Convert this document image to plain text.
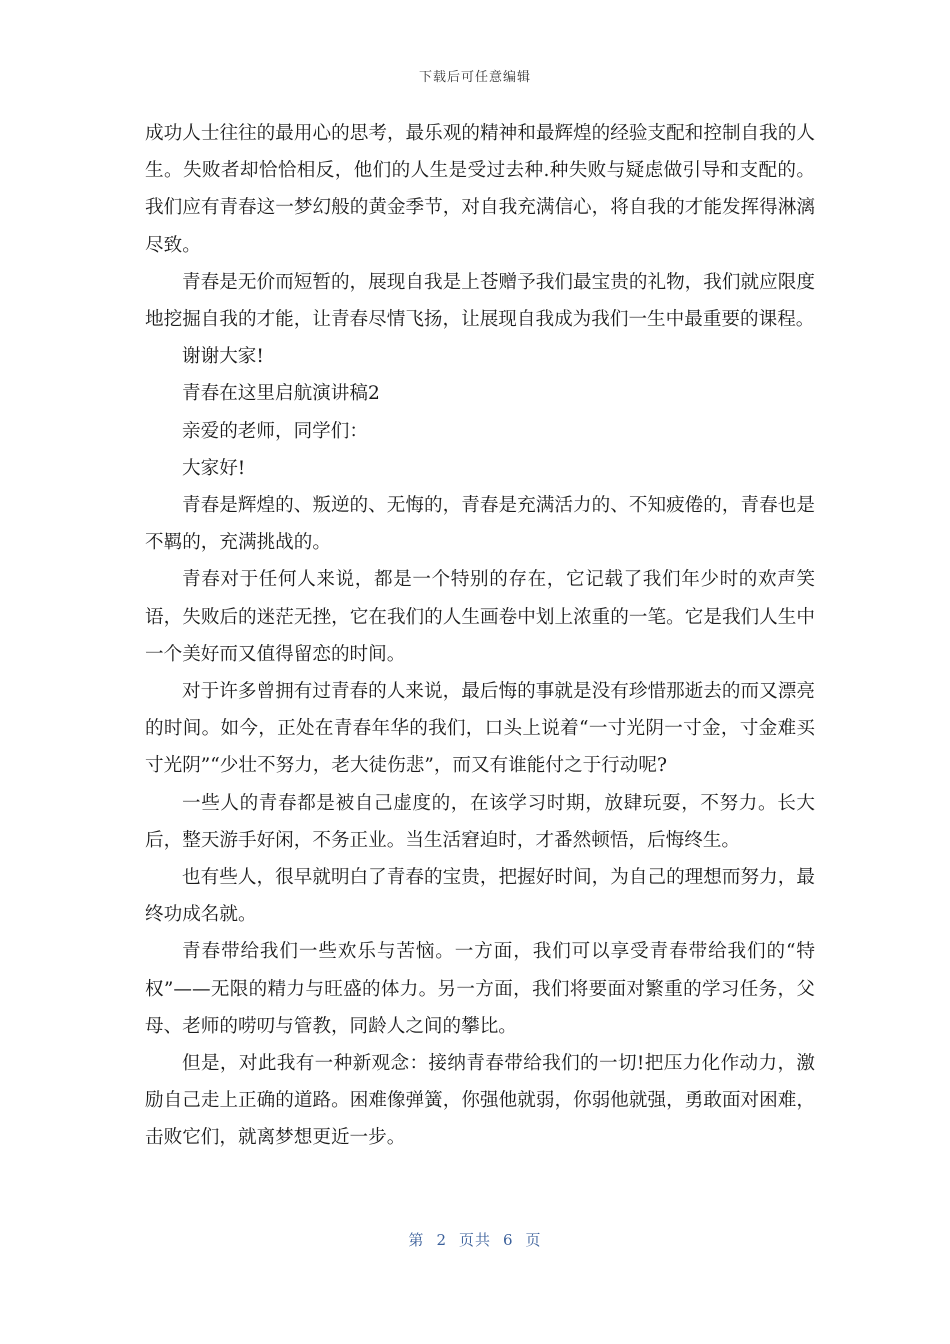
下载后可任意编辑

成功人士往往的最用心的思考，最乐观的精神和最辉煌的经验支配和控制自我的人生。失败者却恰恰相反，他们的人生是受过去种.种失败与疑虑做引导和支配的。我们应有青春这一梦幻般的黄金季节，对自我充满信心，将自我的才能发挥得淋漓尽致。

青春是无价而短暂的，展现自我是上苍赠予我们最宝贵的礼物，我们就应限度地挖掘自我的才能，让青春尽情飞扬，让展现自我成为我们一生中最重要的课程。

谢谢大家!

青春在这里启航演讲稿2

亲爱的老师，同学们：

大家好!

青春是辉煌的、叛逆的、无悔的，青春是充满活力的、不知疲倦的，青春也是不羁的，充满挑战的。

青春对于任何人来说，都是一个特别的存在，它记载了我们年少时的欢声笑语，失败后的迷茫无挫，它在我们的人生画卷中划上浓重的一笔。它是我们人生中一个美好而又值得留恋的时间。

对于许多曾拥有过青春的人来说，最后悔的事就是没有珍惜那逝去的而又漂亮的时间。如今，正处在青春年华的我们，口头上说着“一寸光阴一寸金，寸金难买寸光阴”“少壮不努力，老大徒伤悲”，而又有谁能付之于行动呢?

一些人的青春都是被自己虚度的，在该学习时期，放肆玩耍，不努力。长大后，整天游手好闲，不务正业。当生活窘迫时，才番然顿悟，后悔终生。

也有些人，很早就明白了青春的宝贵，把握好时间，为自己的理想而努力，最终功成名就。

青春带给我们一些欢乐与苦恼。一方面，我们可以享受青春带给我们的“特权”——无限的精力与旺盛的体力。另一方面，我们将要面对繁重的学习任务，父母、老师的唠叨与管教，同龄人之间的攀比。

但是，对此我有一种新观念：接纳青春带给我们的一切!把压力化作动力，激励自己走上正确的道路。困难像弹簧，你强他就弱，你弱他就强，勇敢面对困难，击败它们，就离梦想更近一步。

第 2 页共 6 页
